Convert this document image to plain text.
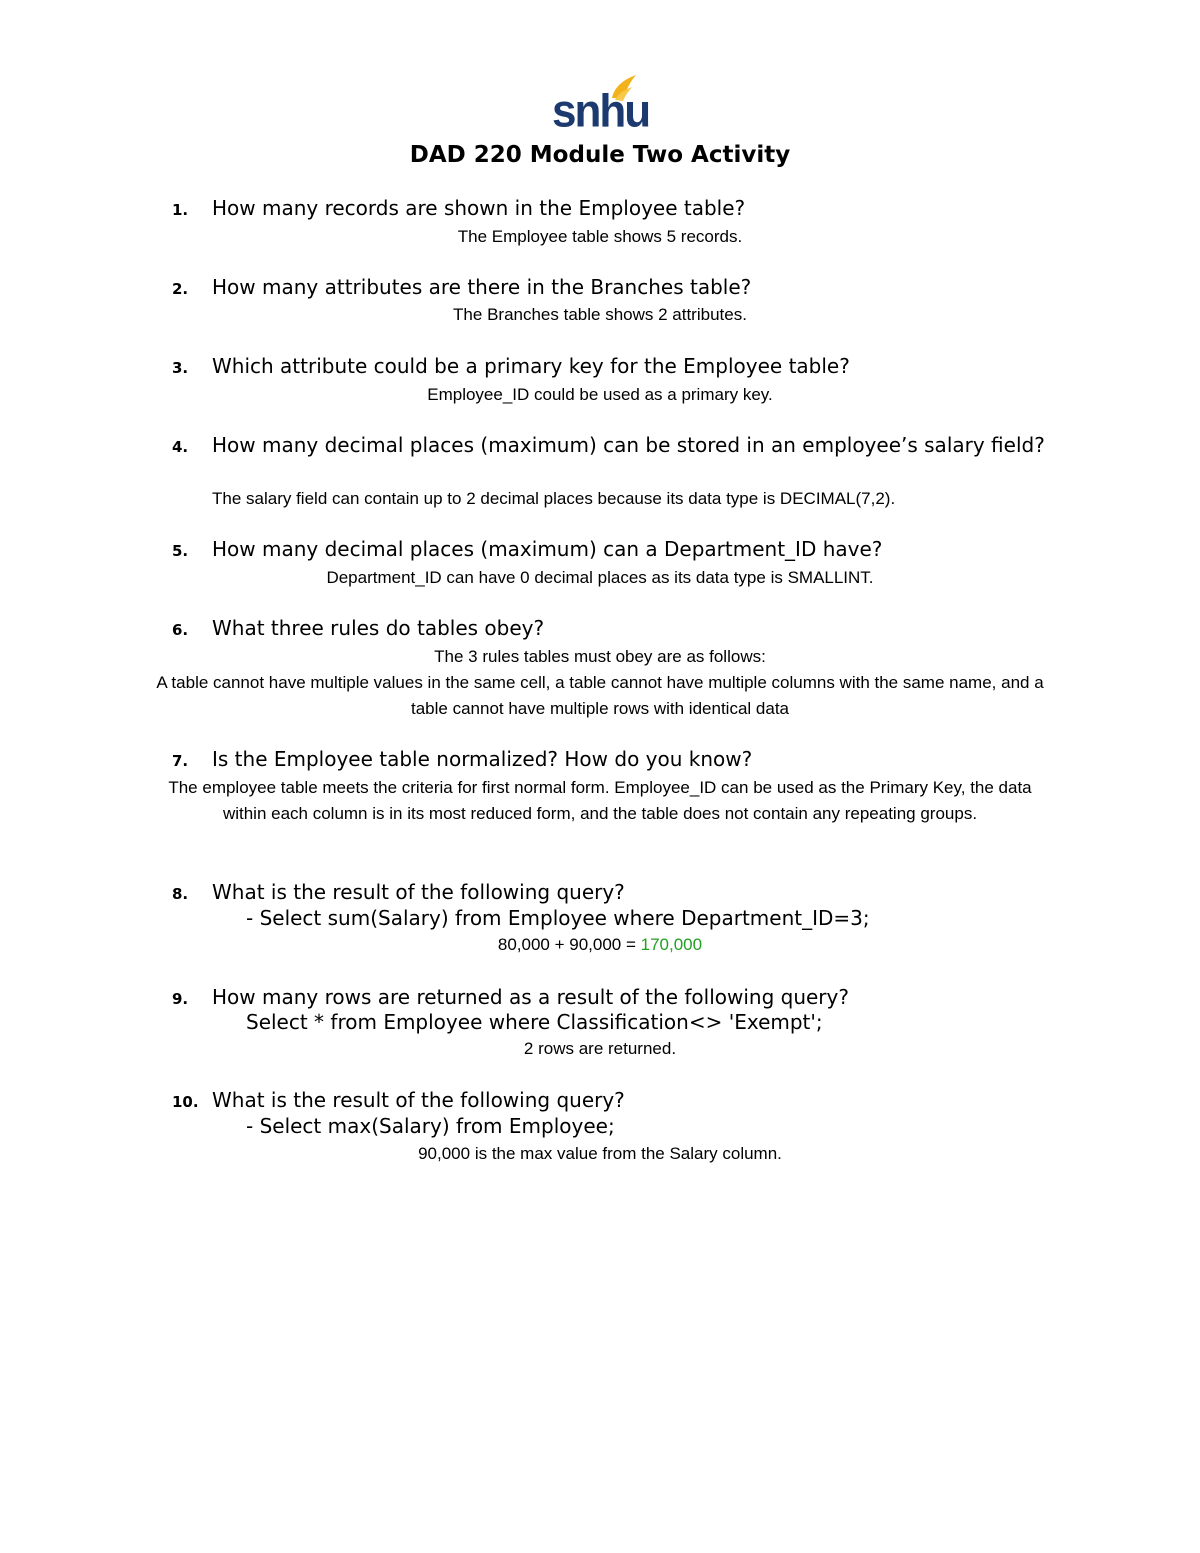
snhu
DAD 220 Module Two Activity
1. How many records are shown in the Employee table?
The Employee table shows 5 records.
2. How many attributes are there in the Branches table?
The Branches table shows 2 attributes.
3. Which attribute could be a primary key for the Employee table?
Employee_ID could be used as a primary key.
4. How many decimal places (maximum) can be stored in an employee’s salary field?
The salary field can contain up to 2 decimal places because its data type is DECIMAL(7,2).
5. How many decimal places (maximum) can a Department_ID have?
Department_ID can have 0 decimal places as its data type is SMALLINT.
6. What three rules do tables obey?
The 3 rules tables must obey are as follows:
A table cannot have multiple values in the same cell, a table cannot have multiple columns with the same name, and a table cannot have multiple rows with identical data
7. Is the Employee table normalized? How do you know?
The employee table meets the criteria for first normal form. Employee_ID can be used as the Primary Key, the data within each column is in its most reduced form, and the table does not contain any repeating groups.
8. What is the result of the following query?
- Select sum(Salary) from Employee where Department_ID=3;
80,000 + 90,000 = 170,000
9. How many rows are returned as a result of the following query?
Select * from Employee where Classification<> 'Exempt';
2 rows are returned.
10. What is the result of the following query?
- Select max(Salary) from Employee;
90,000 is the max value from the Salary column.
